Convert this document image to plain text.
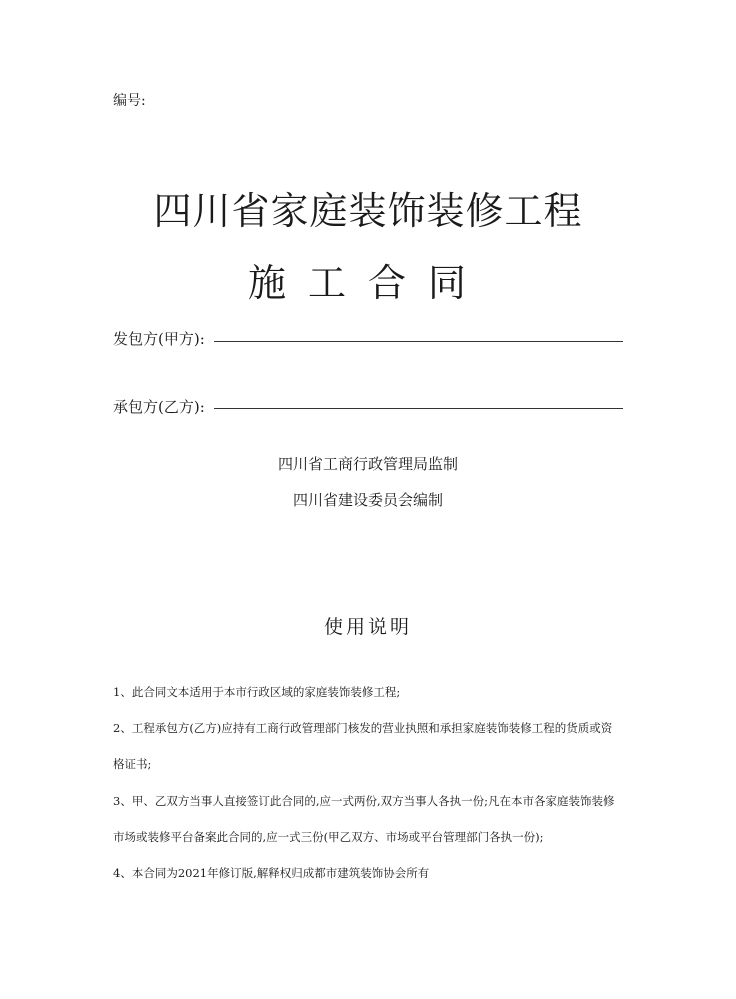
编号:
四川省家庭装饰装修工程
施工合同
发包方(甲方):
承包方(乙方):
四川省工商行政管理局监制
四川省建设委员会编制
使用说明
1、此合同文本适用于本市行政区域的家庭装饰装修工程;
2、工程承包方(乙方)应持有工商行政管理部门核发的营业执照和承担家庭装饰装修工程的货质或资
格证书;
3、甲、乙双方当事人直接签订此合同的,应一式两份,双方当事人各执一份;凡在本市各家庭装饰装修
市场或装修平台备案此合同的,应一式三份(甲乙双方、市场或平台管理部门各执一份);
4、本合同为2021年修订版,解释权归成都市建筑装饰协会所有
